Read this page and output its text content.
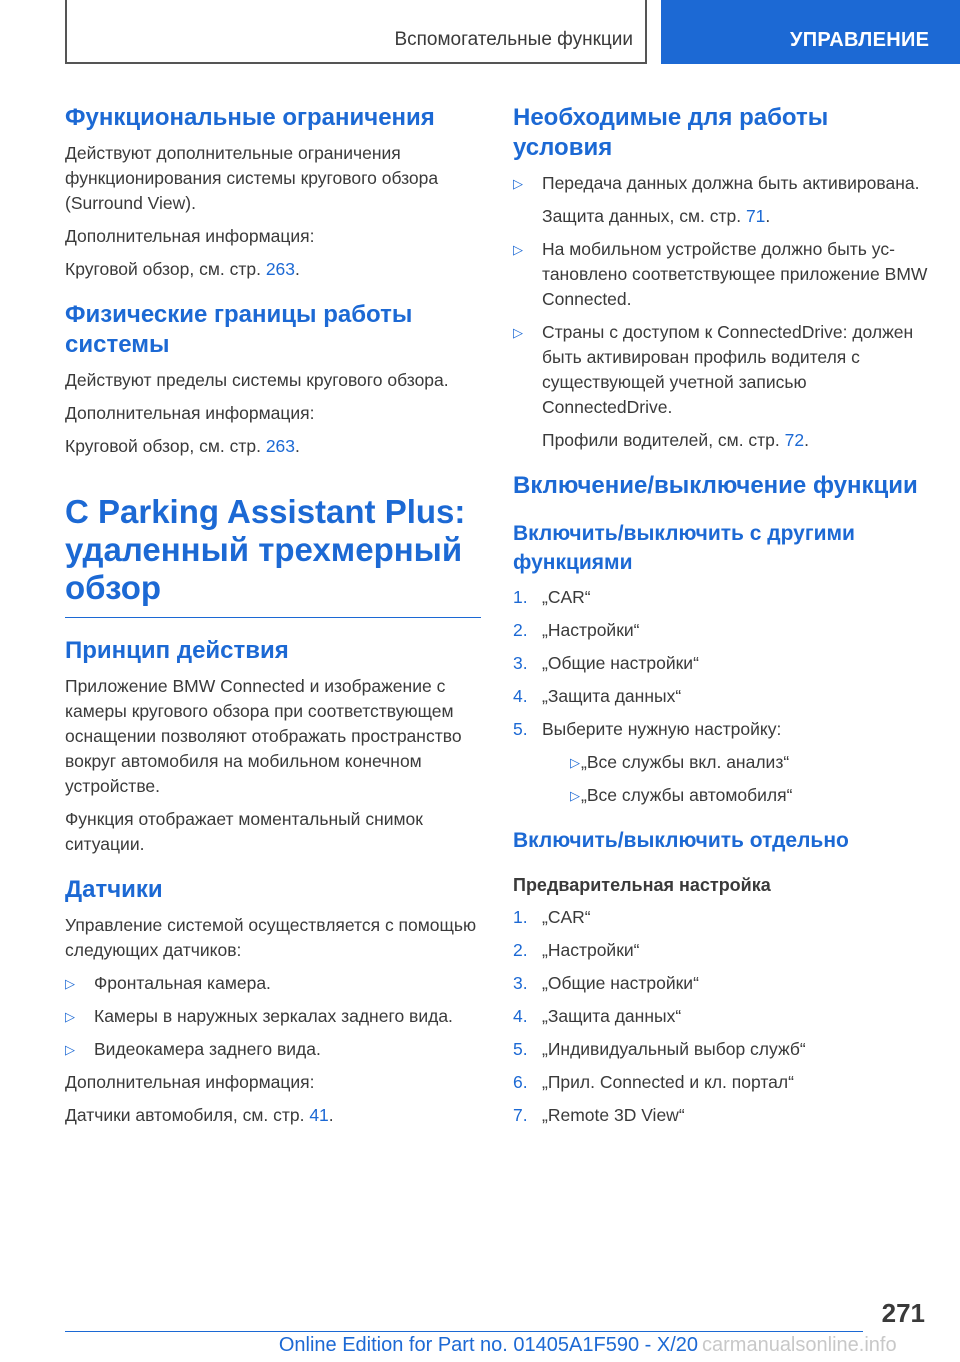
Вспомогательные функции	УПРАВЛЕНИЕ
Функциональные ограничения

Действуют дополнительные ограничения функционирования системы кругового обзора (Surround View).

Дополнительная информация:

Круговой обзор, см. стр. 263.

Физические границы работы системы

Действуют пределы системы кругового обзора.

Дополнительная информация:

Круговой обзор, см. стр. 263.

С Parking Assistant Plus: удаленный трехмерный обзор
Принцип действия

Приложение BMW Connected и изображение с камеры кругового обзора при соответствующем оснащении позволяют отображать пространство вокруг автомобиля на мобильном конечном устройстве.

Функция отображает моментальный снимок ситуации.

Датчики

Управление системой осуществляется с помощью следующих датчиков:

▷ Фронтальная камера.
▷ Камеры в наружных зеркалах заднего вида.
▷ Видеокамера заднего вида.

Дополнительная информация:

Датчики автомобиля, см. стр. 41.

Необходимые для работы условия
▷ Передача данных должна быть активирована.

Защита данных, см. стр. 71.

▷ На мобильном устройстве должно быть установлено соответствующее приложение BMW Connected.
▷ Страны с доступом к ConnectedDrive: должен быть активирован профиль водителя с существующей учетной записью ConnectedDrive.

Профили водителей, см. стр. 72.

Включение/выключение функции
Включить/выключить с другими функциями
1. „CAR“
2. „Настройки“
3. „Общие настройки“
4. „Защита данных“
5. Выберите нужную настройку:
▷ „Все службы вкл. анализ“
▷ „Все службы автомобиля“
Включить/выключить отдельно
Предварительная настройка
1. „CAR“
2. „Настройки“
3. „Общие настройки“
4. „Защита данных“
5. „Индивидуальный выбор служб“
6. „Прил. Connected и кл. портал“
7. „Remote 3D View“
271
Online Edition for Part no. 01405A1F590 - X/20 carmanualsonline.info
